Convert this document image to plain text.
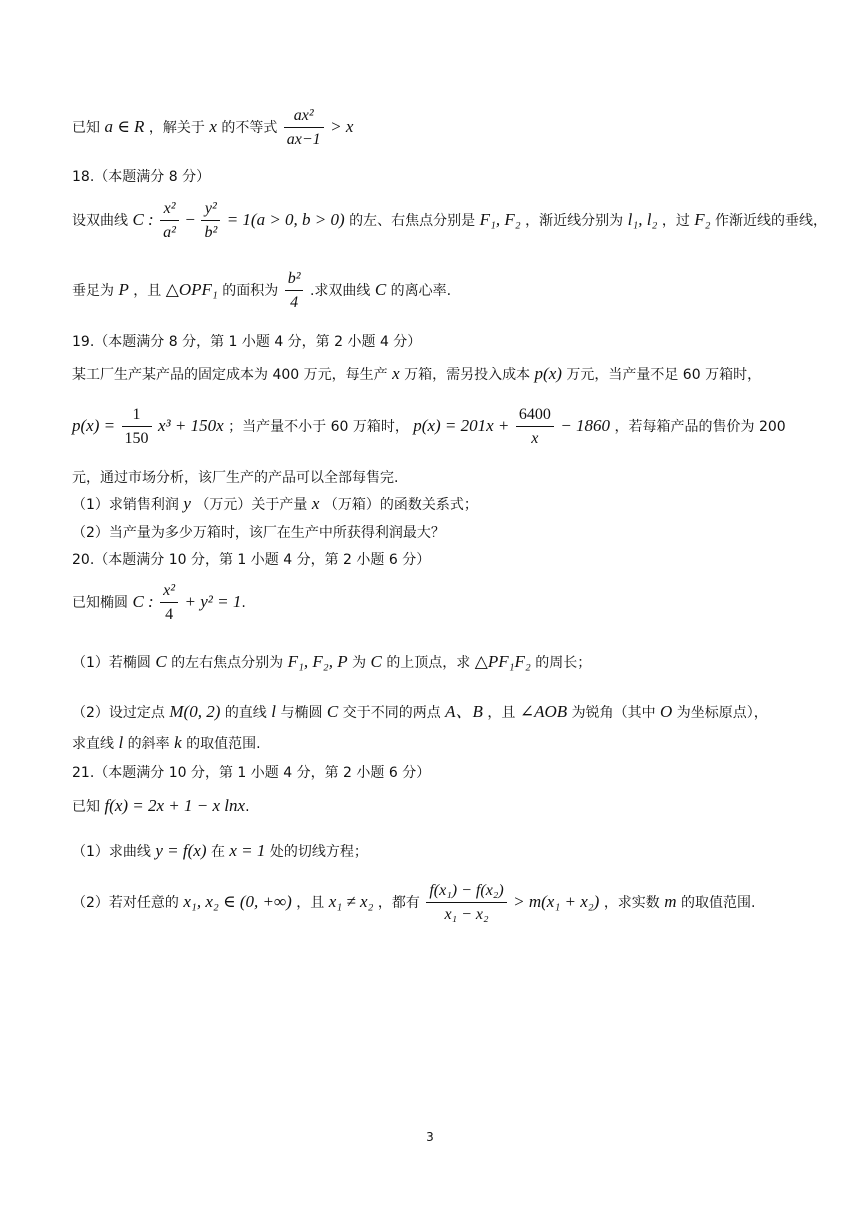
已知 a ∈ R ，解关于 x 的不等式 $\frac{\text{ax²}}{ax-1} > x$
18.（本题满分 8 分）
设双曲线 C : $\frac{\text{x²}}{\text{a²}} - \frac{\text{y²}}{\text{b²}} = 1(a > 0$, b > 0) 的左、右焦点分别是 F₁, F₂ ，渐近线分别为 l₁, l₂ ，过 F₂ 作渐近线的垂线，
垂足为 P ，且 △OPF₁ 的面积为 $\frac{\text{b²}}{4}$ .求双曲线 C 的离心率.
19.（本题满分 8 分，第 1 小题 4 分，第 2 小题 4 分）
某工厂生产某产品的固定成本为 400 万元，每生产 x 万箱，需另投入成本 p(x) 万元，当产量不足 60 万箱时，
$p(x) = \frac{1}{150} x^3 + 150x$ ；当产量不小于 60 万箱时， $p(x) = 201x + \frac{6400}{x} - 1860$ ，若每箱产品的售价为 200
元，通过市场分析，该厂生产的产品可以全部每售完.
（1）求销售利润 y （万元）关于产量 x （万箱）的函数关系式；
（2）当产量为多少万箱时，该厂在生产中所获得利润最大？
20.（本题满分 10 分，第 1 小题 4 分，第 2 小题 6 分）
已知椭圆 C : $\frac{\text{x²}}{4} + y^2 = 1$.
（1）若椭圆 C 的左右焦点分别为 F₁, F₂, P 为 C 的上顶点，求 △PF₁F₂ 的周长；
（2）设过定点 M(0, 2) 的直线 l 与椭圆 C 交于不同的两点 A、B ，且 ∠AOB 为锐角（其中 O 为坐标原点），
求直线 l 的斜率 k 的取值范围.
21.（本题满分 10 分，第 1 小题 4 分，第 2 小题 6 分）
已知 f(x) = 2x + 1 − x lnx.
（1）求曲线 y = f(x) 在 x = 1 处的切线方程；
（2）若对任意的 x₁, x₂ ∈ (0, +∞) ，且 x₁ ≠ x₂ ，都有 $\frac{\text{f(x₁) − f(x₂)}}{\text{x₁ − x₂}} > m(x_1 + x_2)$ ，求实数 m 的取值范围.
3
